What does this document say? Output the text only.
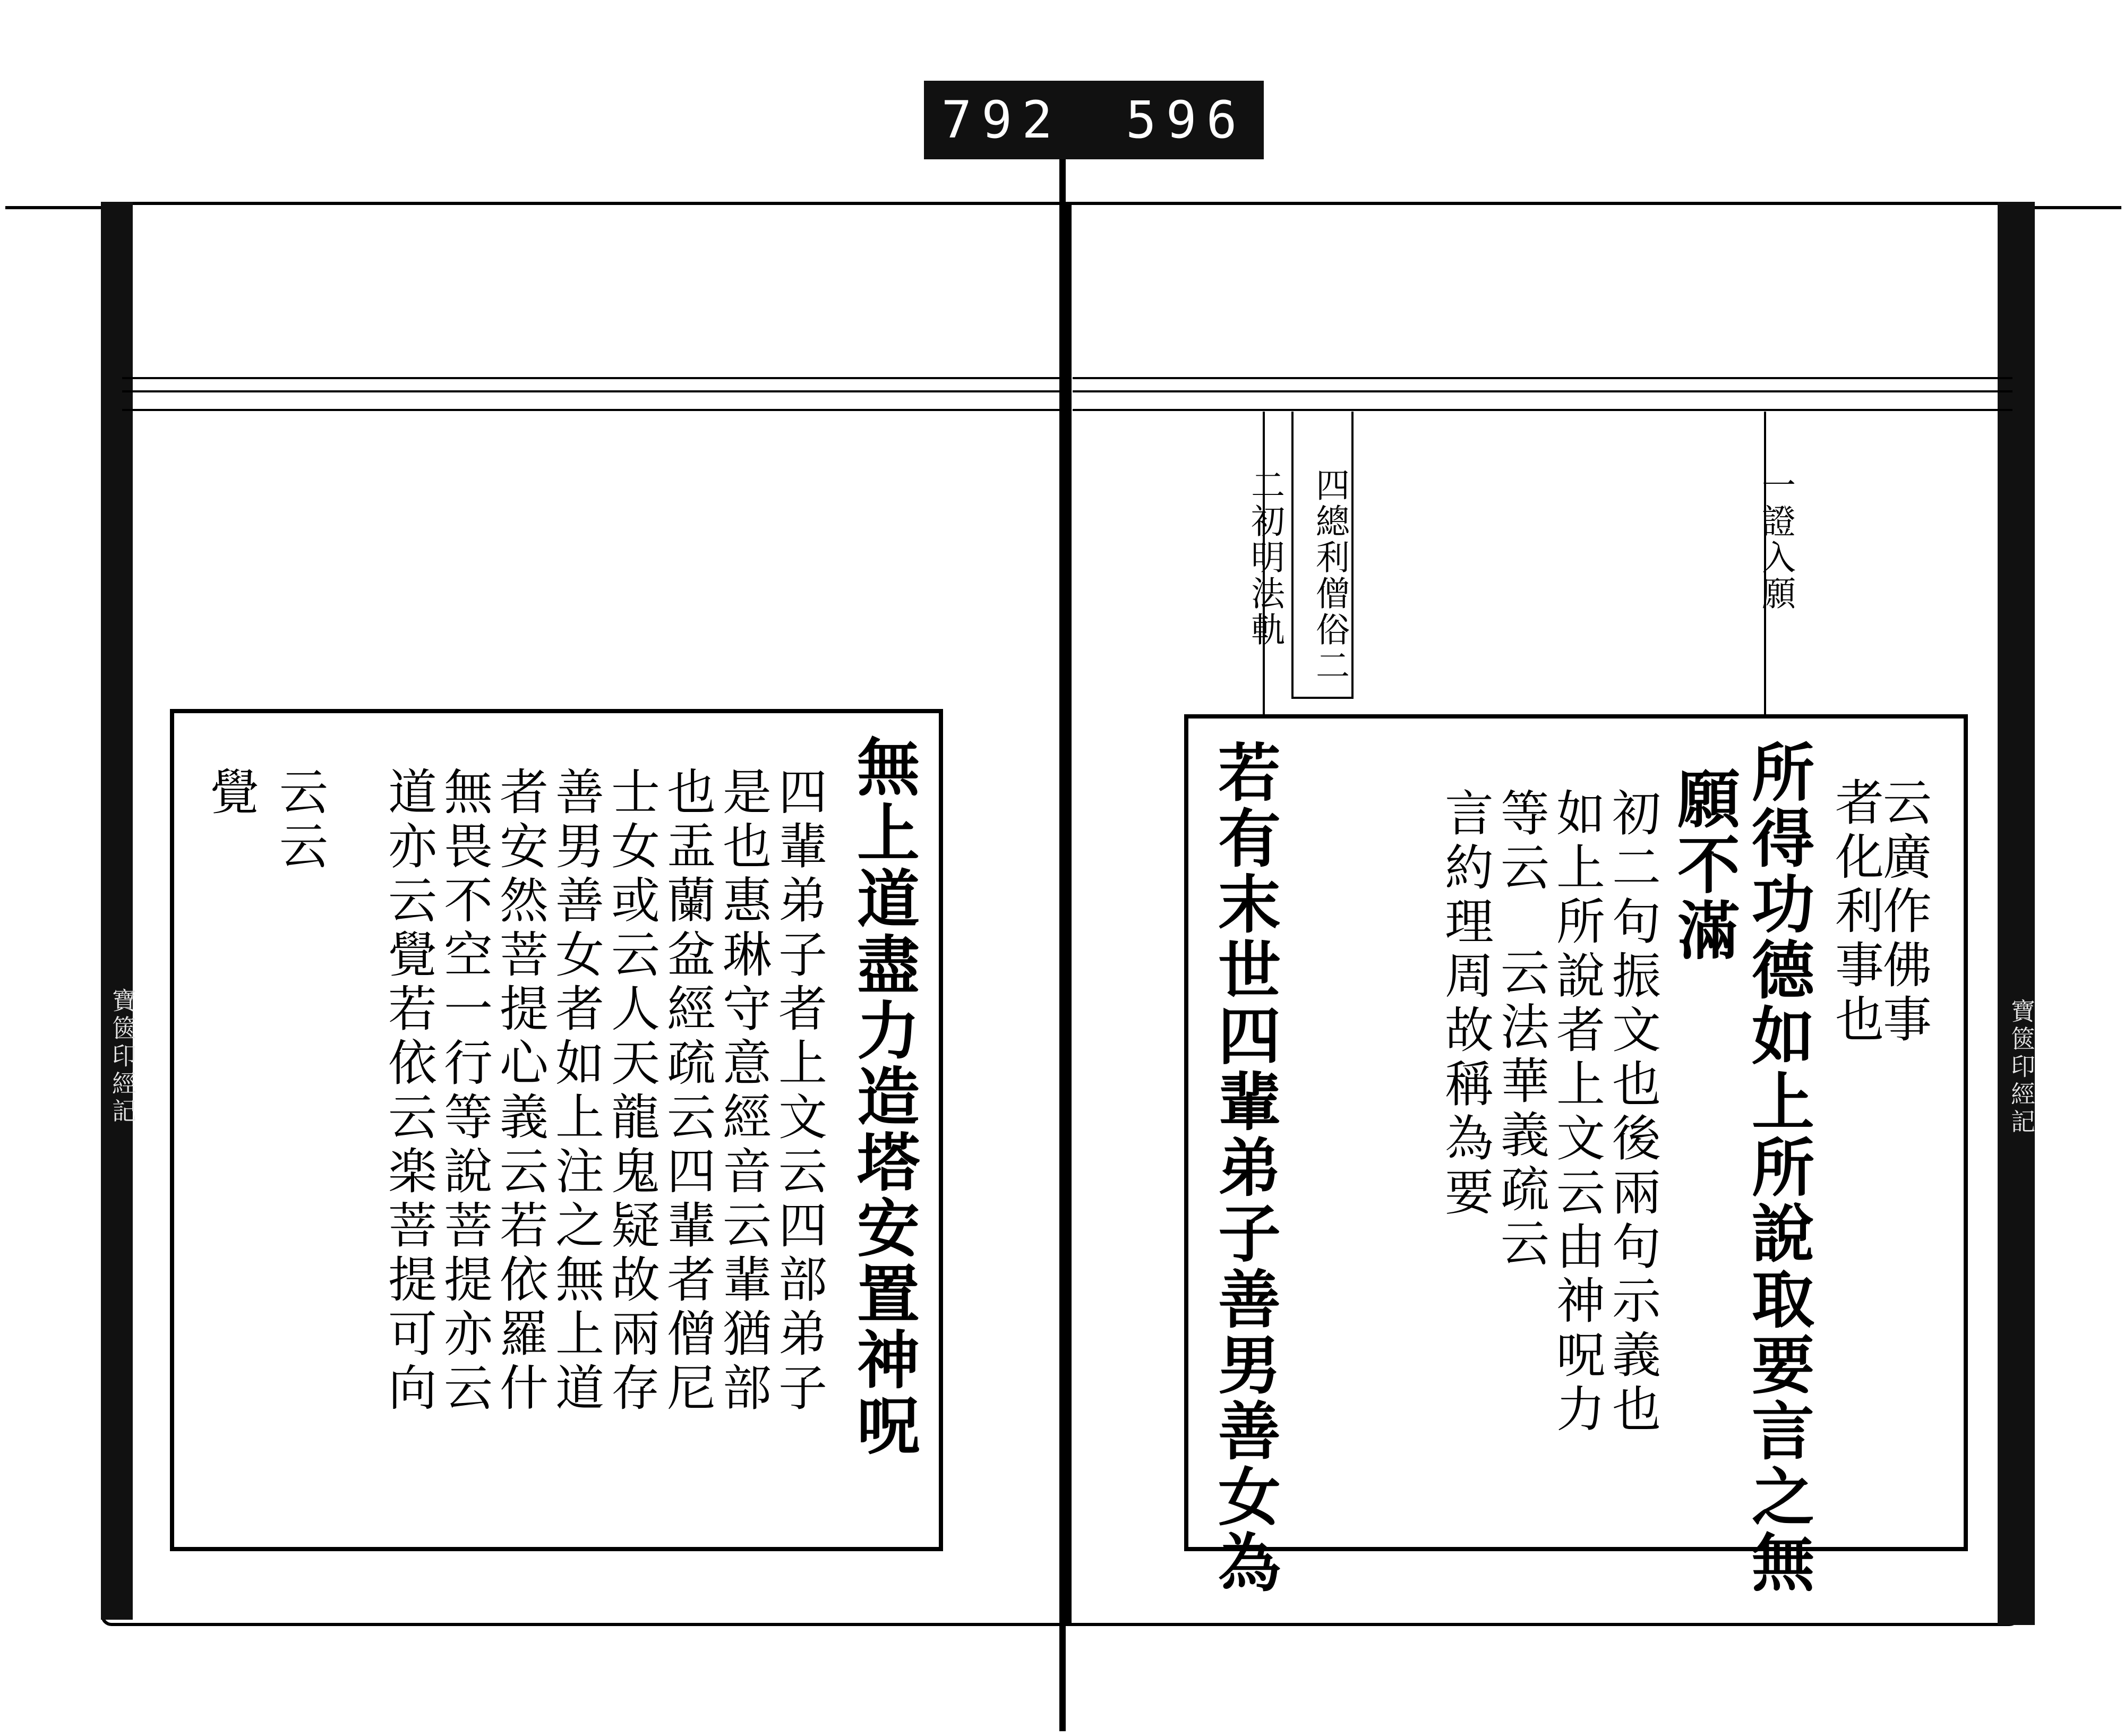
792 596
寶篋印經記	寶篋印經記
二初明法軌 四總利僧俗二	一證入願
云廣作佛事
者化利事也
所得功德如上所說取要言之無
願不滿
初二句振文也後兩句示義也
如上所說者上文云由神呪力
等云
云法華義疏云
言約理周故稱為要
若有末世四輩弟子善男善女為
無上道盡力造塔安置神呪
四輩弟子者上文云四部弟子
是也惠琳守意經音云輩猶部
也盂蘭盆經疏云四輩者僧尼
士女或云人天龍鬼疑故兩存
善男善女者如上注之無上道
者安然菩提心義云若依羅什
無畏不空一行等說菩提亦云
道亦云覺若依云楽菩提可向
云云
覺
